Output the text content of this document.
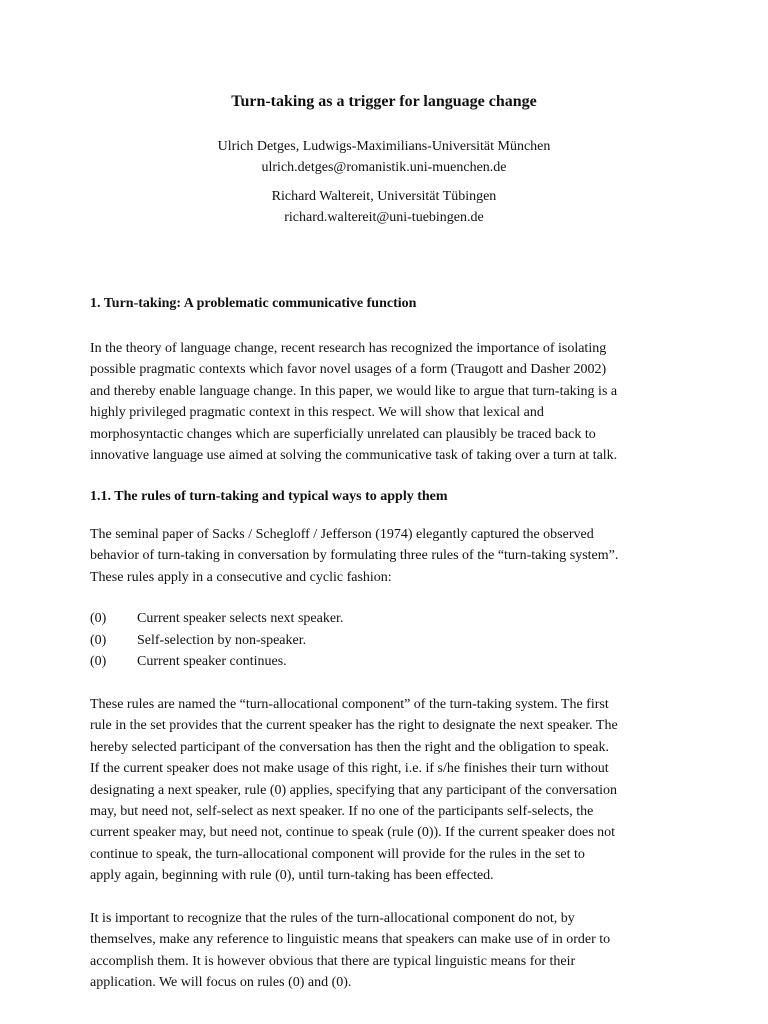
Turn-taking as a trigger for language change
Ulrich Detges, Ludwigs-Maximilians-Universität München
ulrich.detges@romanistik.uni-muenchen.de
Richard Waltereit, Universität Tübingen
richard.waltereit@uni-tuebingen.de
1. Turn-taking: A problematic communicative function
In the theory of language change, recent research has recognized the importance of isolating
possible pragmatic contexts which favor novel usages of a form (Traugott and Dasher 2002)
and thereby enable language change. In this paper, we would like to argue that turn-taking is a
highly privileged pragmatic context in this respect. We will show that lexical and
morphosyntactic changes which are superficially unrelated can plausibly be traced back to
innovative language use aimed at solving the communicative task of taking over a turn at talk.
1.1. The rules of turn-taking and typical ways to apply them
The seminal paper of Sacks / Schegloff / Jefferson (1974) elegantly captured the observed
behavior of turn-taking in conversation by formulating three rules of the “turn-taking system”.
These rules apply in a consecutive and cyclic fashion:
(0) Current speaker selects next speaker.
(0) Self-selection by non-speaker.
(0) Current speaker continues.
These rules are named the “turn-allocational component” of the turn-taking system. The first
rule in the set provides that the current speaker has the right to designate the next speaker. The
hereby selected participant of the conversation has then the right and the obligation to speak.
If the current speaker does not make usage of this right, i.e. if s/he finishes their turn without
designating a next speaker, rule (0) applies, specifying that any participant of the conversation
may, but need not, self-select as next speaker. If no one of the participants self-selects, the
current speaker may, but need not, continue to speak (rule (0)). If the current speaker does not
continue to speak, the turn-allocational component will provide for the rules in the set to
apply again, beginning with rule (0), until turn-taking has been effected.
It is important to recognize that the rules of the turn-allocational component do not, by
themselves, make any reference to linguistic means that speakers can make use of in order to
accomplish them. It is however obvious that there are typical linguistic means for their
application. We will focus on rules (0) and (0).
